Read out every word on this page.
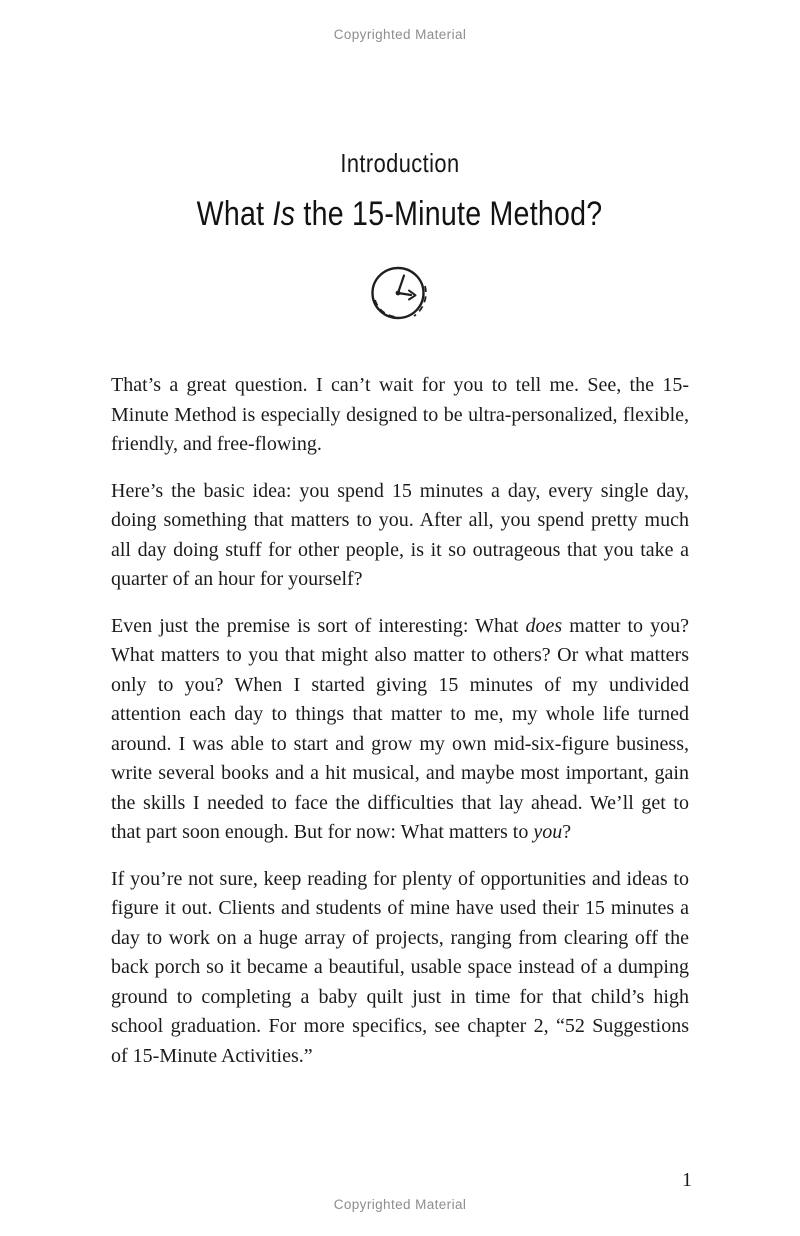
Copyrighted Material
Introduction
What Is the 15-Minute Method?

That’s a great question. I can’t wait for you to tell me. See, the 15-Minute Method is especially designed to be ultra-personalized, flexible, friendly, and free-flowing.

Here’s the basic idea: you spend 15 minutes a day, every single day, doing something that matters to you. After all, you spend pretty much all day doing stuff for other people, is it so outrageous that you take a quarter of an hour for yourself?

Even just the premise is sort of interesting: What does matter to you? What matters to you that might also matter to others? Or what matters only to you? When I started giving 15 minutes of my undivided attention each day to things that matter to me, my whole life turned around. I was able to start and grow my own mid-six-figure business, write several books and a hit musical, and maybe most important, gain the skills I needed to face the difficulties that lay ahead. We’ll get to that part soon enough. But for now: What matters to you?

If you’re not sure, keep reading for plenty of opportunities and ideas to figure it out. Clients and students of mine have used their 15 minutes a day to work on a huge array of projects, ranging from clearing off the back porch so it became a beautiful, usable space instead of a dumping ground to completing a baby quilt just in time for that child’s high school graduation. For more specifics, see chapter 2, “52 Suggestions of 15-Minute Activities.”

1
Copyrighted Material
